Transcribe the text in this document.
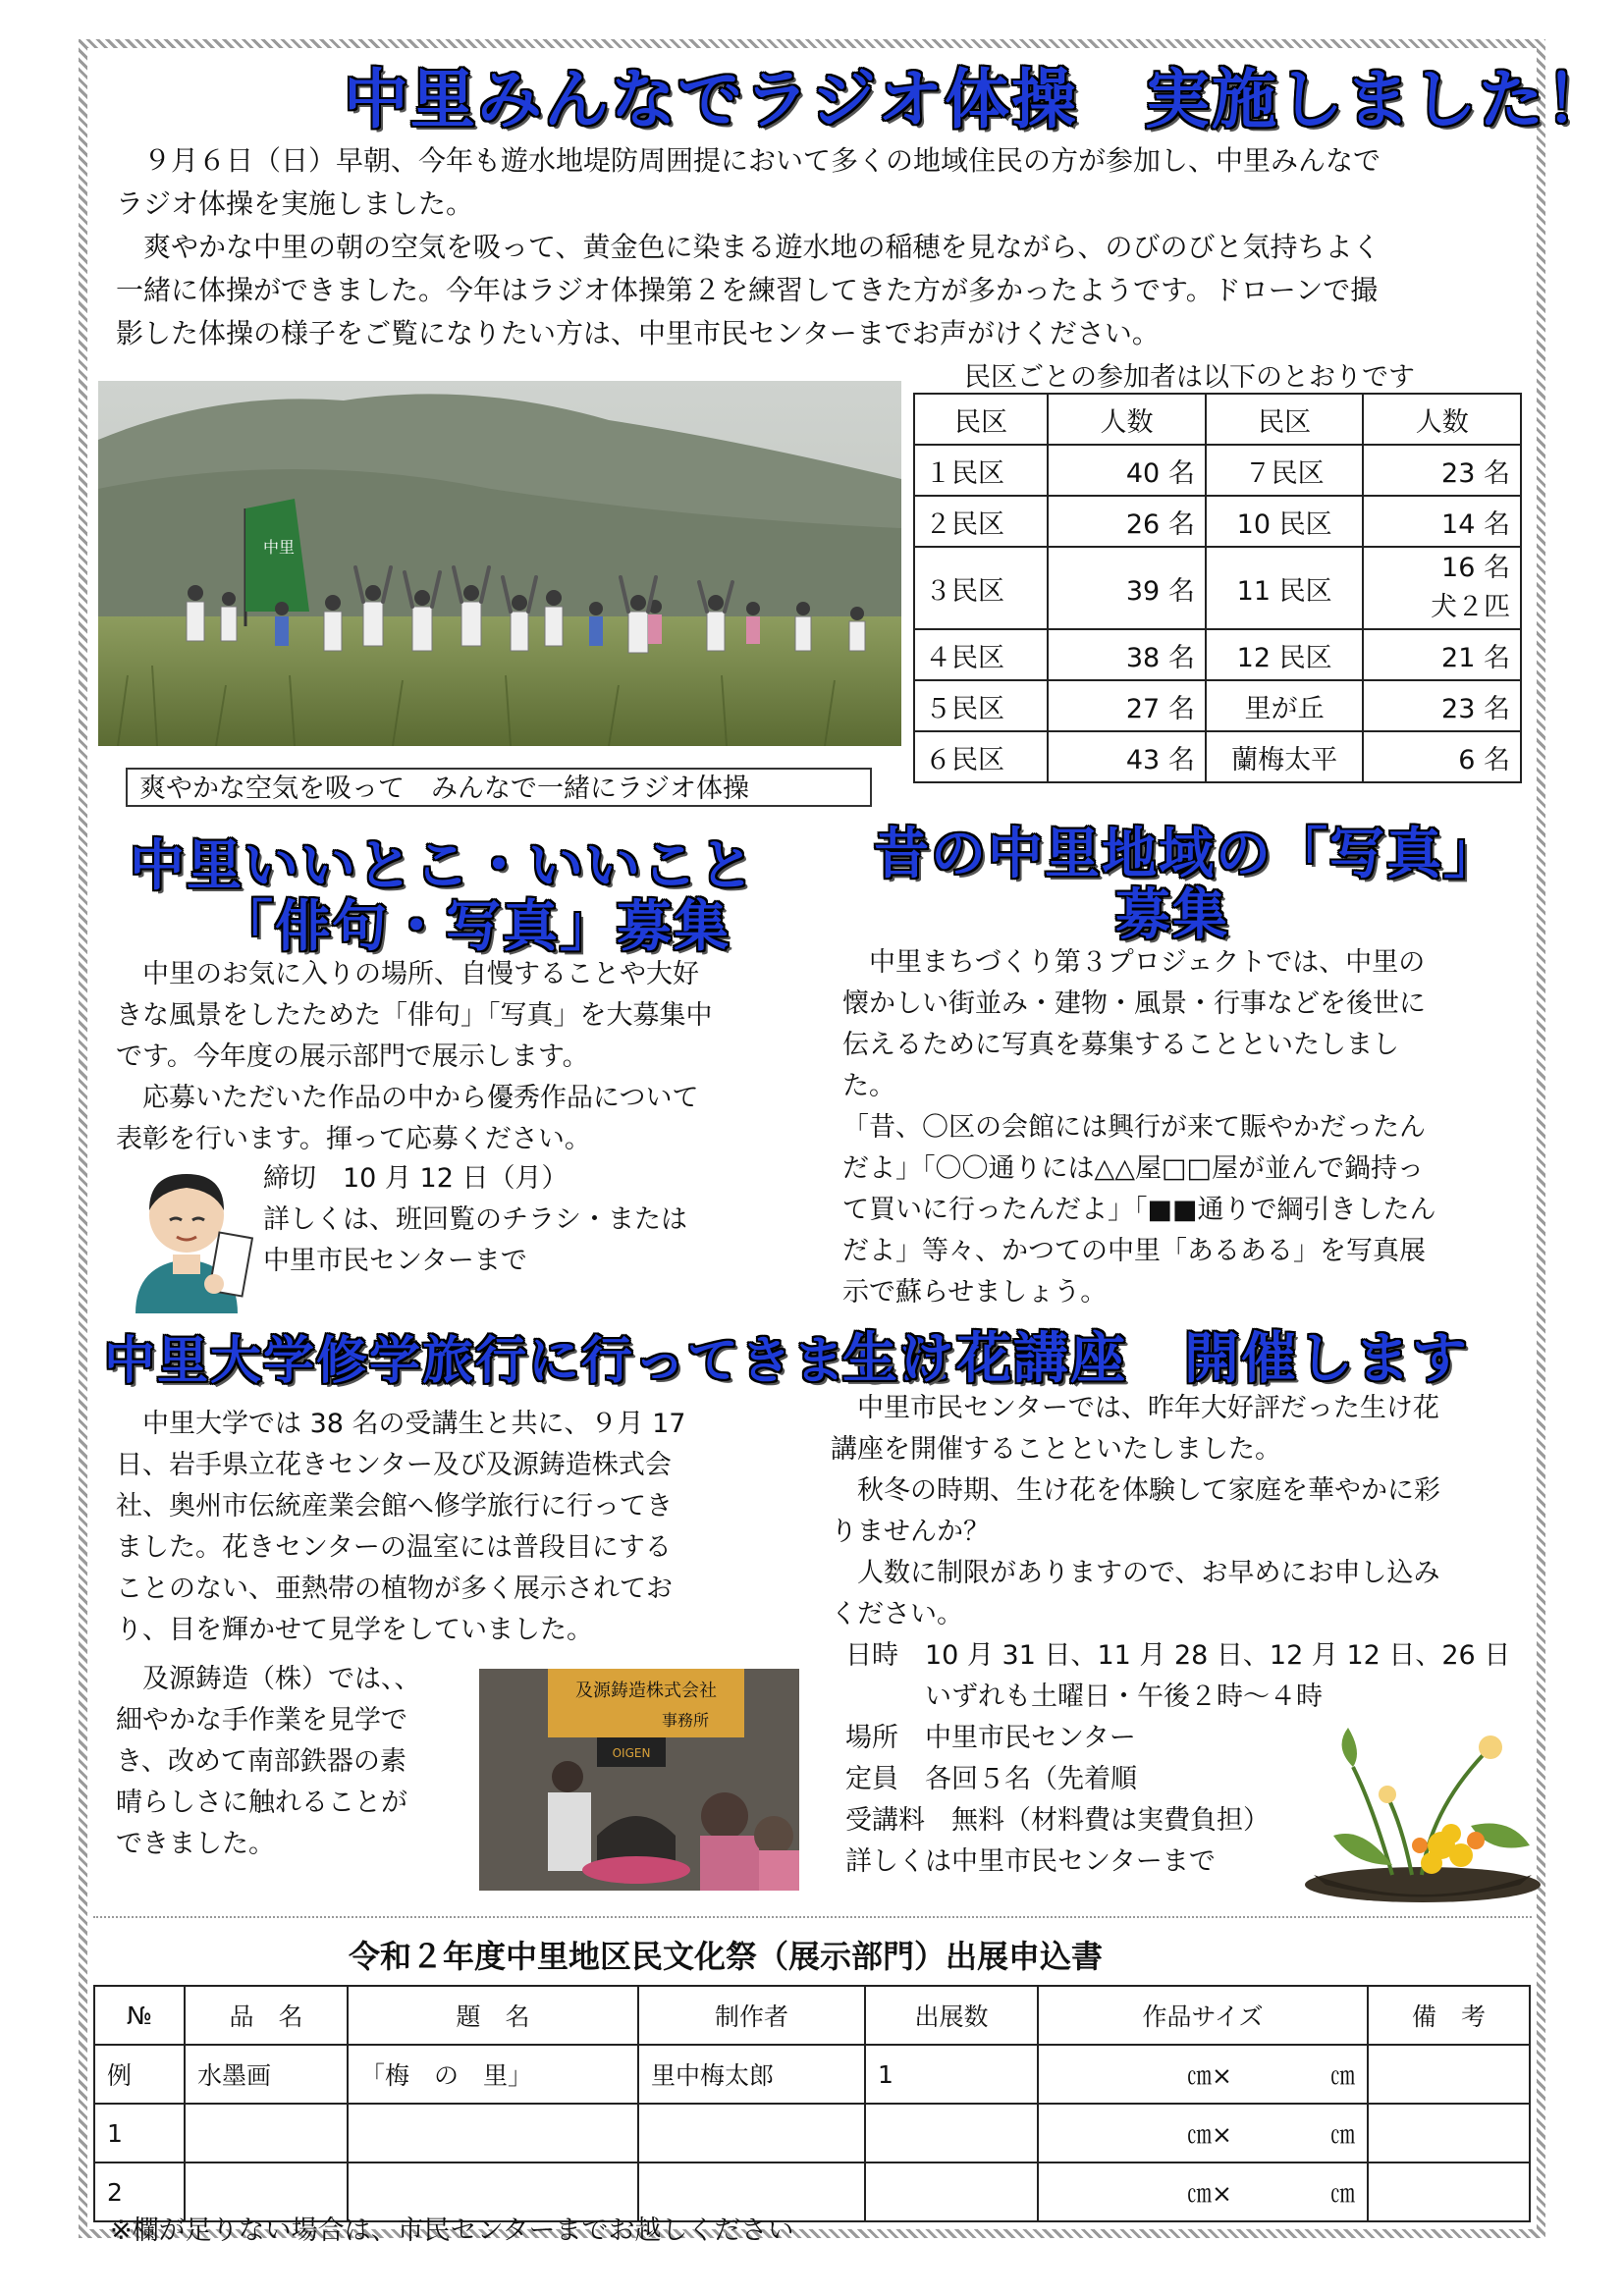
中里みんなでラジオ体操　実施しました！
　９月６日（日）早朝、今年も遊水地堤防周囲提において多くの地域住民の方が参加し、中里みんなで
ラジオ体操を実施しました。
　爽やかな中里の朝の空気を吸って、黄金色に染まる遊水地の稲穂を見ながら、のびのびと気持ちよく
一緒に体操ができました。今年はラジオ体操第２を練習してきた方が多かったようです。ドローンで撮
影した体操の様子をご覧になりたい方は、中里市民センターまでお声がけください。
中里
爽やかな空気を吸って　みんなで一緒にラジオ体操
民区ごとの参加者は以下のとおりです
民区	人数	民区	人数
１民区	40 名	７民区	23 名
２民区	26 名	10 民区	14 名
３民区	39 名	11 民区	16 名
犬２匹

４民区	38 名	12 民区	21 名
５民区	27 名	里が丘	23 名
６民区	43 名	蘭梅太平	6 名
中里いいとこ・いいこと
「俳句・写真」募集
　中里のお気に入りの場所、自慢することや大好
きな風景をしたためた「俳句」「写真」を大募集中
です。今年度の展示部門で展示します。
　応募いただいた作品の中から優秀作品について
表彰を行います。揮って応募ください。
締切　10 月 12 日（月）
詳しくは、班回覧のチラシ・または
中里市民センターまで
昔の中里地域の「写真」
募集
　中里まちづくり第３プロジェクトでは、中里の
懐かしい街並み・建物・風景・行事などを後世に
伝えるために写真を募集することといたしまし
た。
「昔、〇区の会館には興行が来て賑やかだったん
だよ」「〇〇通りには△△屋□□屋が並んで鍋持っ
て買いに行ったんだよ」「■■通りで綱引きしたん
だよ」等々、かつての中里「あるある」を写真展
示で蘇らせましょう。
中里大学修学旅行に行ってきました
　中里大学では 38 名の受講生と共に、９月 17
日、岩手県立花きセンター及び及源鋳造株式会
社、奥州市伝統産業会館へ修学旅行に行ってき
ました。花きセンターの温室には普段目にする
ことのない、亜熱帯の植物が多く展示されてお
り、目を輝かせて見学をしていました。
　及源鋳造（株）では、、
細やかな手作業を見学で
き、改めて南部鉄器の素
晴らしさに触れることが
できました。
及源鋳造株式会社
事務所
OIGEN
生け花講座　開催します
　中里市民センターでは、昨年大好評だった生け花
講座を開催することといたしました。
　秋冬の時期、生け花を体験して家庭を華やかに彩
りませんか？
　人数に制限がありますので、お早めにお申し込み
ください。
　日時　10 月 31 日、11 月 28 日、12 月 12 日、26 日
　　　　いずれも土曜日・午後２時～４時
　場所　中里市民センター
　定員　各回５名（先着順
　受講料　無料（材料費は実費負担）
　詳しくは中里市民センターまで
令和２年度中里地区民文化祭（展示部門）出展申込書
№	品　名	題　名	制作者	出展数	作品サイズ	備　考
例	水墨画	「梅　の　里」	里中梅太郎	1	㎝×　　　　㎝	
1					㎝×　　　　㎝	
2					㎝×　　　　㎝	
※欄が足りない場合は、市民センターまでお越しください
